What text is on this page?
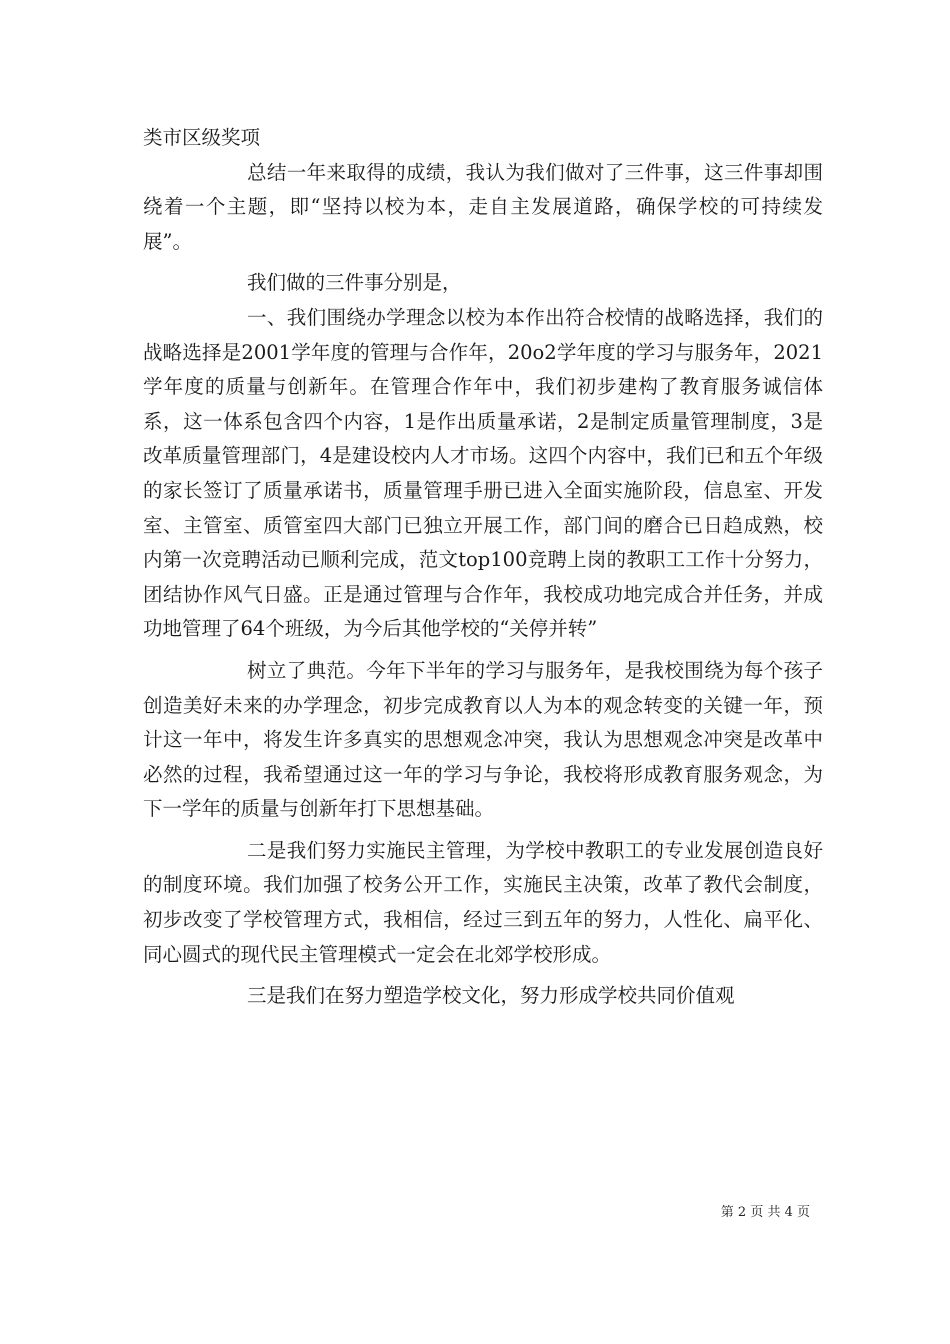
类市区级奖项

总结一年来取得的成绩，我认为我们做对了三件事，这三件事却围绕着一个主题，即“坚持以校为本，走自主发展道路，确保学校的可持续发展”。

我们做的三件事分别是，

一、我们围绕办学理念以校为本作出符合校情的战略选择，我们的战略选择是2001学年度的管理与合作年，20o2学年度的学习与服务年，2021学年度的质量与创新年。在管理合作年中，我们初步建构了教育服务诚信体系，这一体系包含四个内容，1是作出质量承诺，2是制定质量管理制度，3是改革质量管理部门，4是建设校内人才市场。这四个内容中，我们已和五个年级的家长签订了质量承诺书，质量管理手册已进入全面实施阶段，信息室、开发室、主管室、质管室四大部门已独立开展工作，部门间的磨合已日趋成熟，校内第一次竞聘活动已顺利完成，范文top100竞聘上岗的教职工工作十分努力，团结协作风气日盛。正是通过管理与合作年，我校成功地完成合并任务，并成功地管理了64个班级，为今后其他学校的“关停并转”

树立了典范。今年下半年的学习与服务年，是我校围绕为每个孩子创造美好未来的办学理念，初步完成教育以人为本的观念转变的关键一年，预计这一年中，将发生许多真实的思想观念冲突，我认为思想观念冲突是改革中必然的过程，我希望通过这一年的学习与争论，我校将形成教育服务观念，为下一学年的质量与创新年打下思想基础。

二是我们努力实施民主管理，为学校中教职工的专业发展创造良好的制度环境。我们加强了校务公开工作，实施民主决策，改革了教代会制度，初步改变了学校管理方式，我相信，经过三到五年的努力，人性化、扁平化、同心圆式的现代民主管理模式一定会在北郊学校形成。

三是我们在努力塑造学校文化，努力形成学校共同价值观

第 2 页 共 4 页
